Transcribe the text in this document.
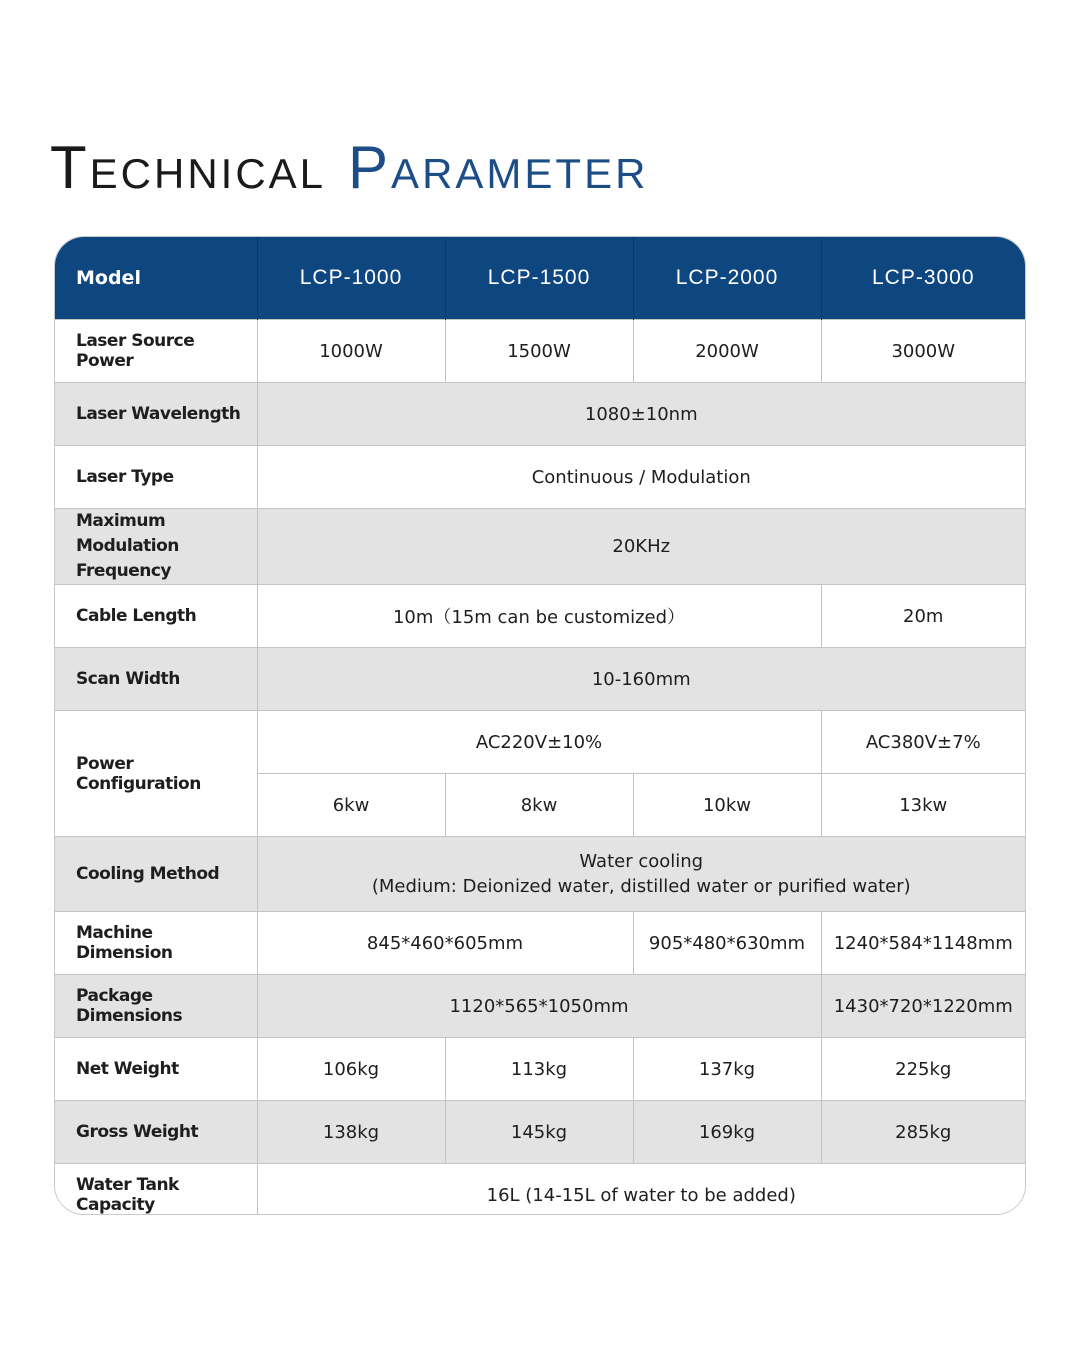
Technical Parameter
Model	LCP-1000	LCP-1500	LCP-2000	LCP-3000
Laser Source Power	1000W	1500W	2000W	3000W
Laser Wavelength	1080±10nm			
Laser Type	Continuous / Modulation			

Maximum Modulation
Frequency	20KHz			
Cable Length	10m（15m can be customized）			20m
Scan Width	10-160mm			
Power Configuration	AC220V±10%			AC380V±7%
	6kw	8kw	10kw	13kw
Cooling Method	Water cooling
(Medium: Deionized water, distilled water or purified water)			

Machine Dimension	845*460*605mm		905*480*630mm	1240*584*1148mm
Package Dimensions	1120*565*1050mm			1430*720*1220mm
Net Weight	106kg	113kg	137kg	225kg
Gross Weight	138kg	145kg	169kg	285kg
Water Tank Capacity	16L (14-15L of water to be added)			
